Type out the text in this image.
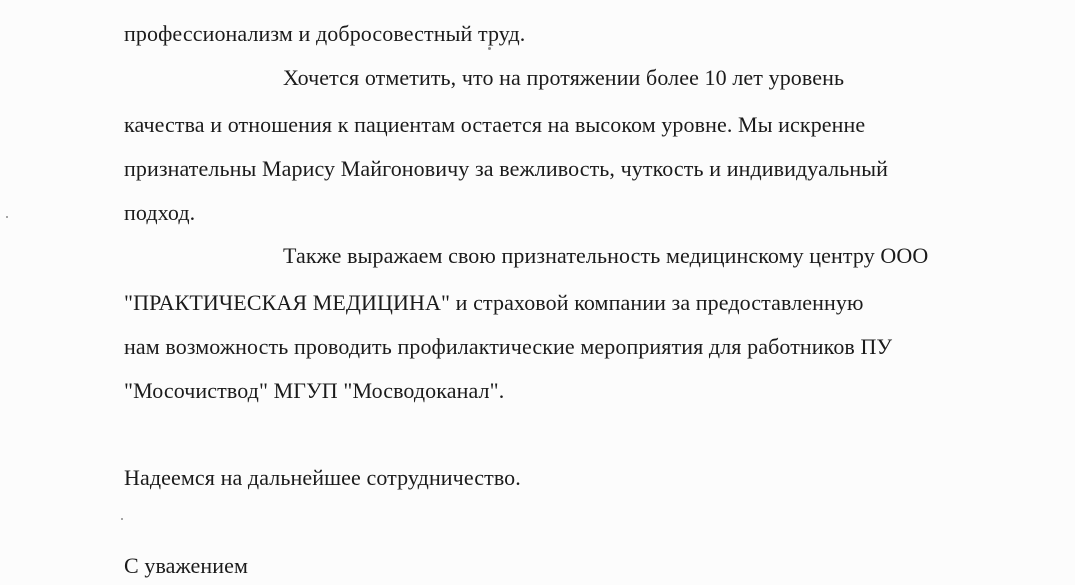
профессионализм и добросовестный труд.
Хочется отметить, что на протяжении более 10 лет уровень
качества и отношения к пациентам остается на высоком уровне. Мы искренне
признательны Марису Майгоновичу за вежливость, чуткость и индивидуальный
подход.
Также выражаем свою признательность медицинскому центру ООО
"ПРАКТИЧЕСКАЯ МЕДИЦИНА" и страховой компании за предоставленную
нам возможность проводить профилактические мероприятия для работников ПУ
"Мосочиствод" МГУП "Мосводоканал".
Надеемся на дальнейшее сотрудничество.
С уважением
